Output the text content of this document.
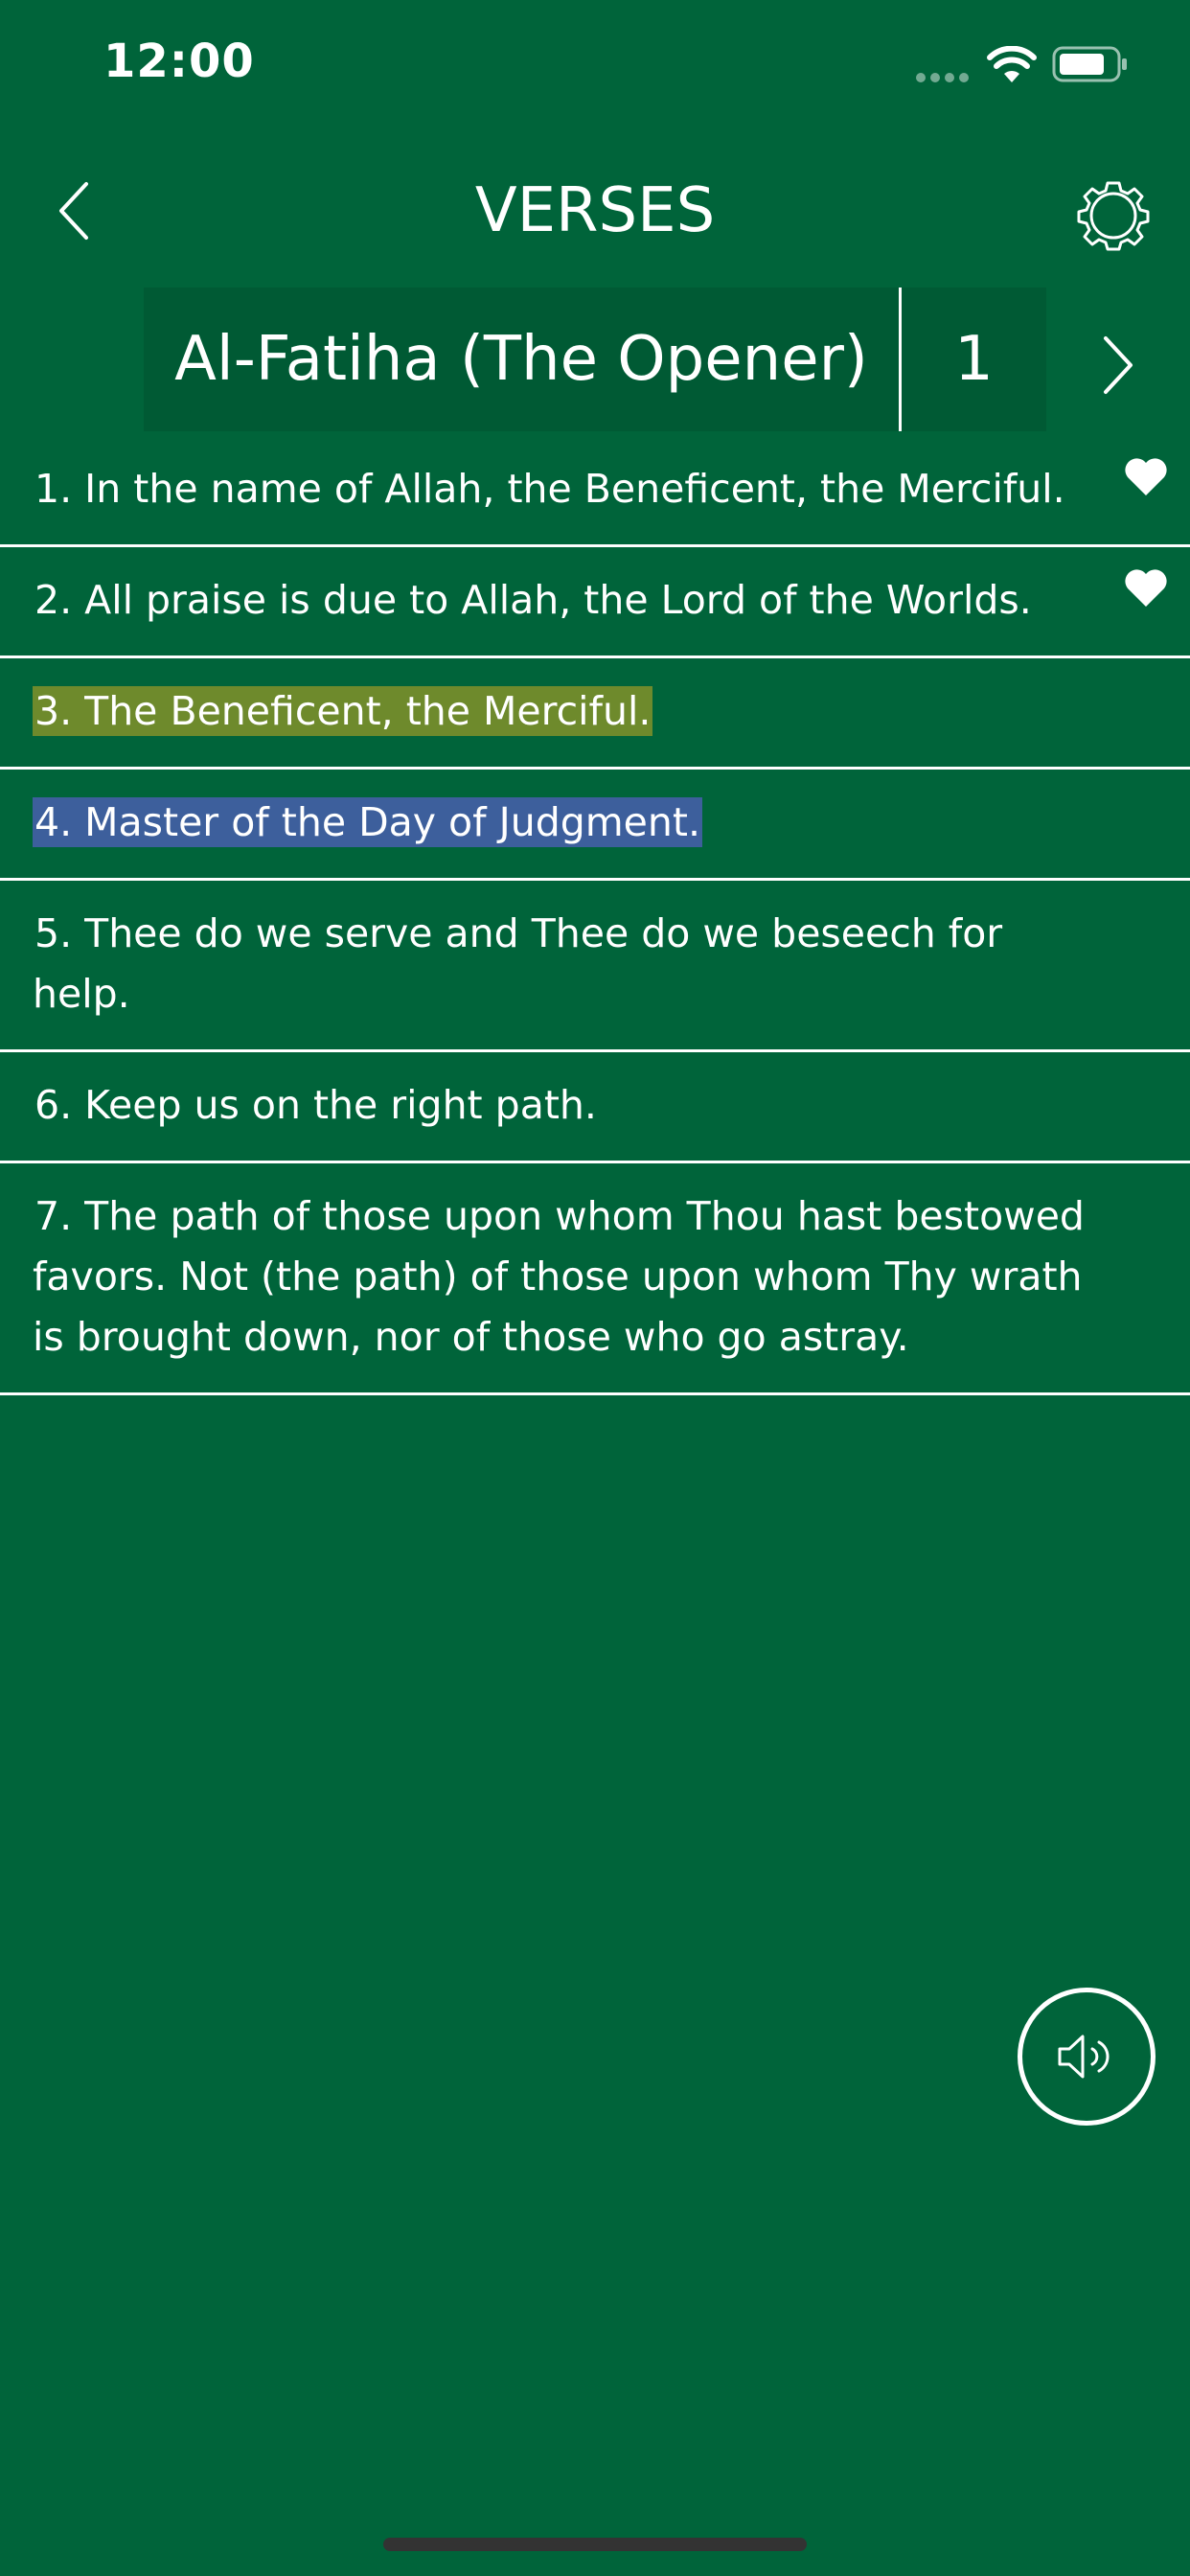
12:00
VERSES
Al-Fatiha (The Opener)	1
1. In the name of Allah, the Beneficent, the Merciful.
2. All praise is due to Allah, the Lord of the Worlds.
3. The Beneficent, the Merciful.
4. Master of the Day of Judgment.
5. Thee do we serve and Thee do we beseech for help.
6. Keep us on the right path.
7. The path of those upon whom Thou hast bestowed favors. Not (the path) of those upon whom Thy wrath is brought down, nor of those who go astray.
